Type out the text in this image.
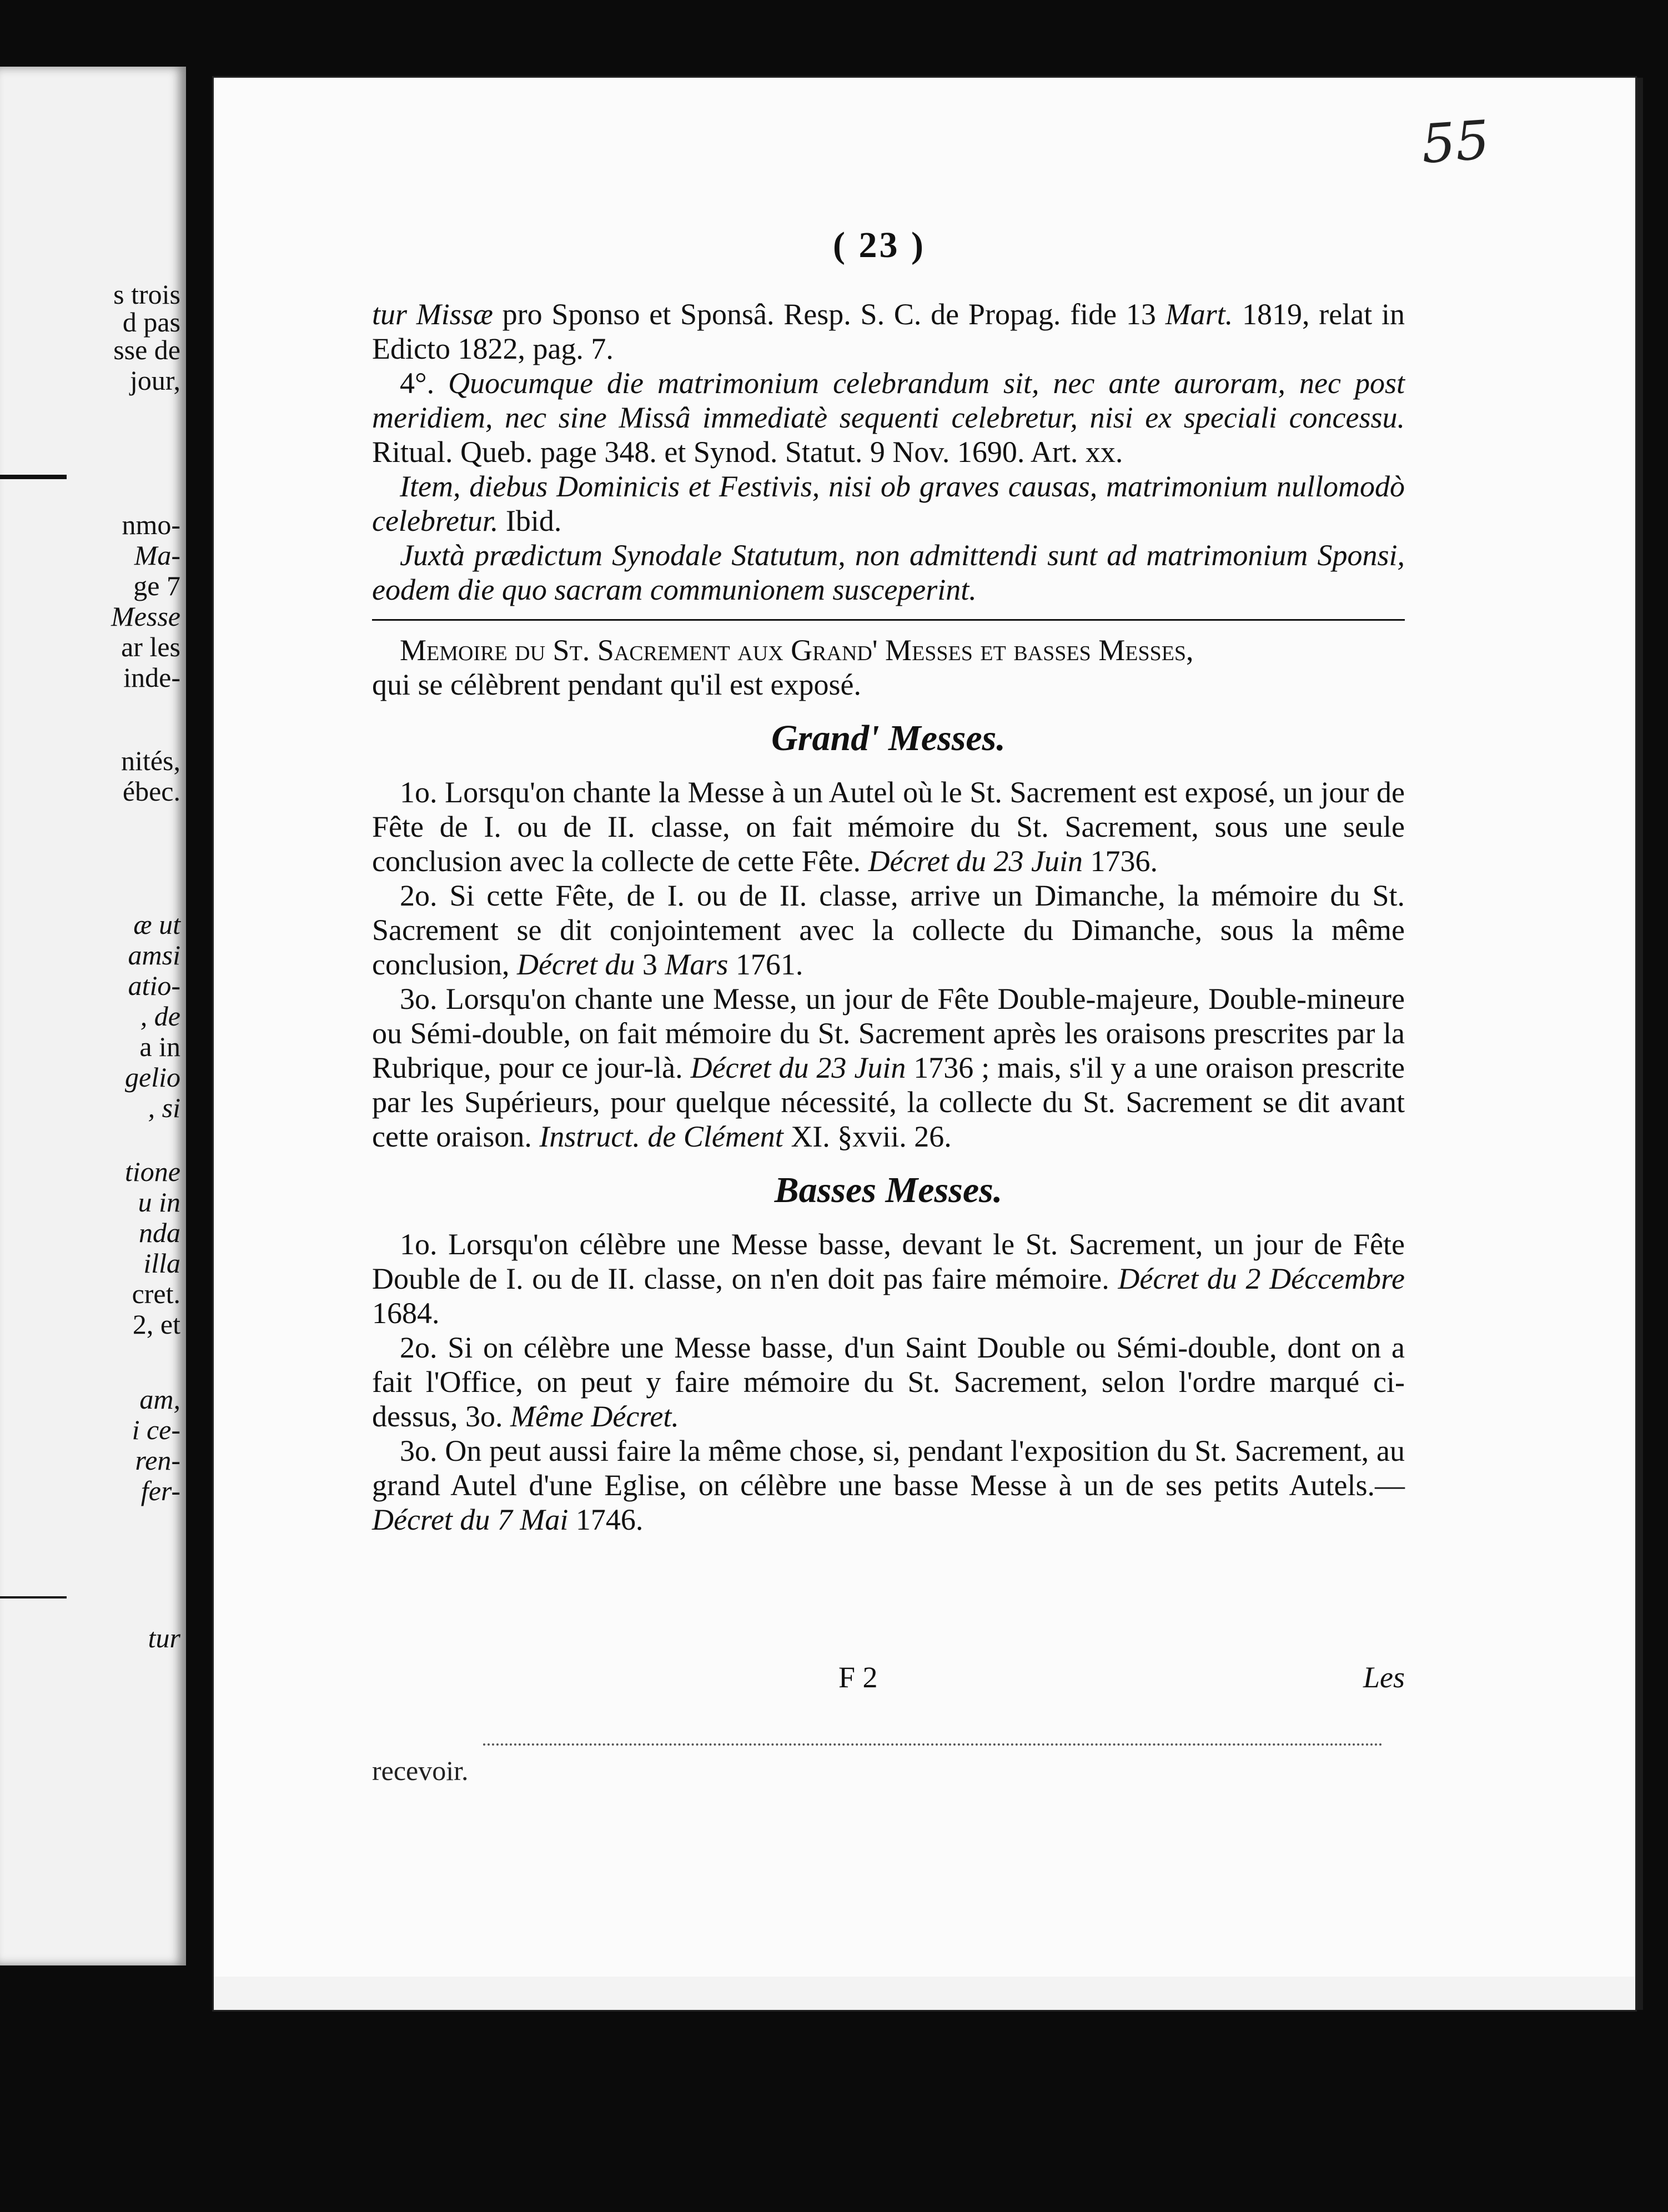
s trois
d pas
sse de
jour,
nmo-
Ma-
ge 7
Messe
ar les
inde-
nités,
ébec.
æ ut
amsi
atio-
, de
a in
gelio
, si
tione
u in
nda
illa
cret.
2, et
am,
i ce-
ren-
fer-
tur
55
( 23 )

tur Missæ pro Sponso et Sponsâ. Resp. S. C. de Propag. fide 13 Mart. 1819, relat in Edicto 1822, pag. 7.

4°. Quocumque die matrimonium celebrandum sit, nec ante auroram, nec post meridiem, nec sine Missâ immediatè sequenti celebretur, nisi ex speciali concessu. Ritual. Queb. page 348. et Synod. Statut. 9 Nov. 1690. Art. xx.

Item, diebus Dominicis et Festivis, nisi ob graves causas, matrimonium nullomodò celebretur. Ibid.

Juxtà prædictum Synodale Statutum, non admittendi sunt ad matrimonium Sponsi, eodem die quo sacram communionem susceperint.

Memoire du St. Sacrement aux Grand' Messes et basses Messes,

qui se célèbrent pendant qu'il est exposé.

Grand' Messes.

1o. Lorsqu'on chante la Messe à un Autel où le St. Sacrement est exposé, un jour de Fête de I. ou de II. classe, on fait mémoire du St. Sacrement, sous une seule conclusion avec la collecte de cette Fête. Décret du 23 Juin 1736.

2o. Si cette Fête, de I. ou de II. classe, arrive un Dimanche, la mémoire du St. Sacrement se dit conjointement avec la collecte du Dimanche, sous la même conclusion, Décret du 3 Mars 1761.

3o. Lorsqu'on chante une Messe, un jour de Fête Double-majeure, Double-mineure ou Sémi-double, on fait mémoire du St. Sacrement après les oraisons prescrites par la Rubrique, pour ce jour-là. Décret du 23 Juin 1736 ; mais, s'il y a une oraison prescrite par les Supérieurs, pour quelque nécessité, la collecte du St. Sacrement se dit avant cette oraison. Instruct. de Clément XI. §xvii. 26.

Basses Messes.

1o. Lorsqu'on célèbre une Messe basse, devant le St. Sacrement, un jour de Fête Double de I. ou de II. classe, on n'en doit pas faire mémoire. Décret du 2 Déccembre 1684.

2o. Si on célèbre une Messe basse, d'un Saint Double ou Sémi-double, dont on a fait l'Office, on peut y faire mémoire du St. Sacrement, selon l'ordre marqué ci-dessus, 3o. Même Décret.

3o. On peut aussi faire la même chose, si, pendant l'exposition du St. Sacrement, au grand Autel d'une Eglise, on célèbre une basse Messe à un de ses petits Autels.—Décret du 7 Mai 1746.

F 2	Les
recevoir.
